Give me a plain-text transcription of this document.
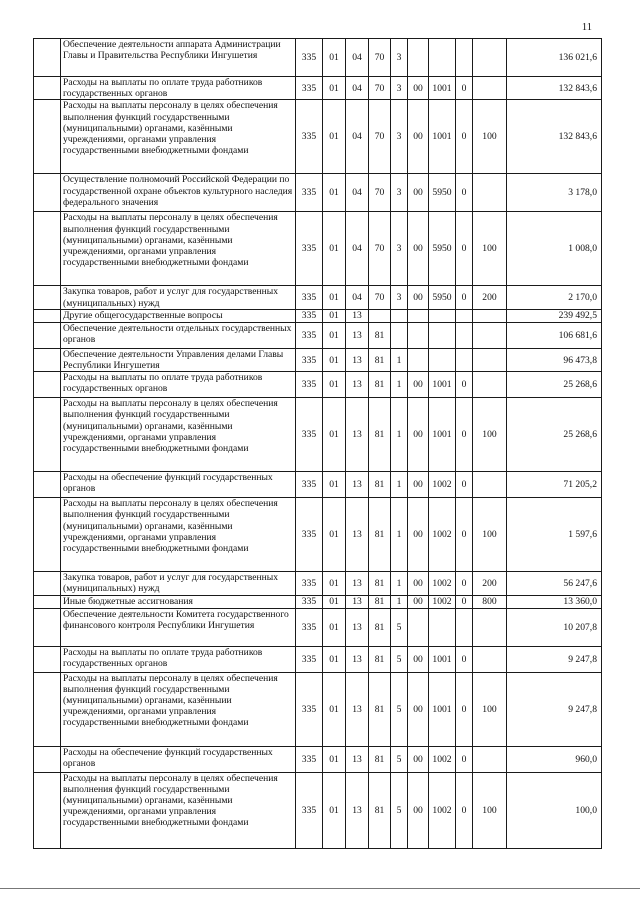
11
	Обеспечение деятельности аппарата Администрации Главы и Правительства Республики Ингушетия	335	01	04	70	3					136 021,6
	Расходы на выплаты по оплате труда работников государственных органов	335	01	04	70	3	00	1001	0		132 843,6
	Расходы на выплаты персоналу в целях обеспечения выполнения функций государственными (муниципальными) органами, казёнными учреждениями, органами управления государственными внебюджетными фондами	335	01	04	70	3	00	1001	0	100	132 843,6
	Осуществление полномочий Российской Федерации по государственной охране объектов культурного наследия федерального значения	335	01	04	70	3	00	5950	0		3 178,0
	Расходы на выплаты персоналу в целях обеспечения выполнения функций государственными (муниципальными) органами, казёнными учреждениями, органами управления государственными внебюджетными фондами	335	01	04	70	3	00	5950	0	100	1 008,0
	Закупка товаров, работ и услуг для государственных (муниципальных) нужд	335	01	04	70	3	00	5950	0	200	2 170,0
	Другие общегосударственные вопросы	335	01	13							239 492,5
	Обеспечение деятельности отдельных государственных органов	335	01	13	81						106 681,6
	Обеспечение деятельности Управления делами Главы Республики Ингушетия	335	01	13	81	1					96 473,8
	Расходы на выплаты по оплате труда работников государственных органов	335	01	13	81	1	00	1001	0		25 268,6
	Расходы на выплаты персоналу в целях обеспечения выполнения функций государственными (муниципальными) органами, казёнными учреждениями, органами управления государственными внебюджетными фондами	335	01	13	81	1	00	1001	0	100	25 268,6
	Расходы на обеспечение функций государственных органов	335	01	13	81	1	00	1002	0		71 205,2
	Расходы на выплаты персоналу в целях обеспечения выполнения функций государственными (муниципальными) органами, казёнными учреждениями, органами управления государственными внебюджетными фондами	335	01	13	81	1	00	1002	0	100	1 597,6
	Закупка товаров, работ и услуг для государственных (муниципальных) нужд	335	01	13	81	1	00	1002	0	200	56 247,6
	Иные бюджетные ассигнования	335	01	13	81	1	00	1002	0	800	13 360,0
	Обеспечение деятельности Комитета государственного финансового контроля Республики Ингушетия	335	01	13	81	5					10 207,8
	Расходы на выплаты по оплате труда работников государственных органов	335	01	13	81	5	00	1001	0		9 247,8
	Расходы на выплаты персоналу в целях обеспечения выполнения функций государственными (муниципальными) органами, казённыии учреждениями, органами управления государственными внебюджетными фондами	335	01	13	81	5	00	1001	0	100	9 247,8
	Расходы на обеспечение функций государственных органов	335	01	13	81	5	00	1002	0		960,0
	Расходы на выплаты персоналу в целях обеспечения выполнения функций государственными (муниципальными) органами, казёнными учреждениями, органами управления государственными внебюджетными фондами	335	01	13	81	5	00	1002	0	100	100,0
